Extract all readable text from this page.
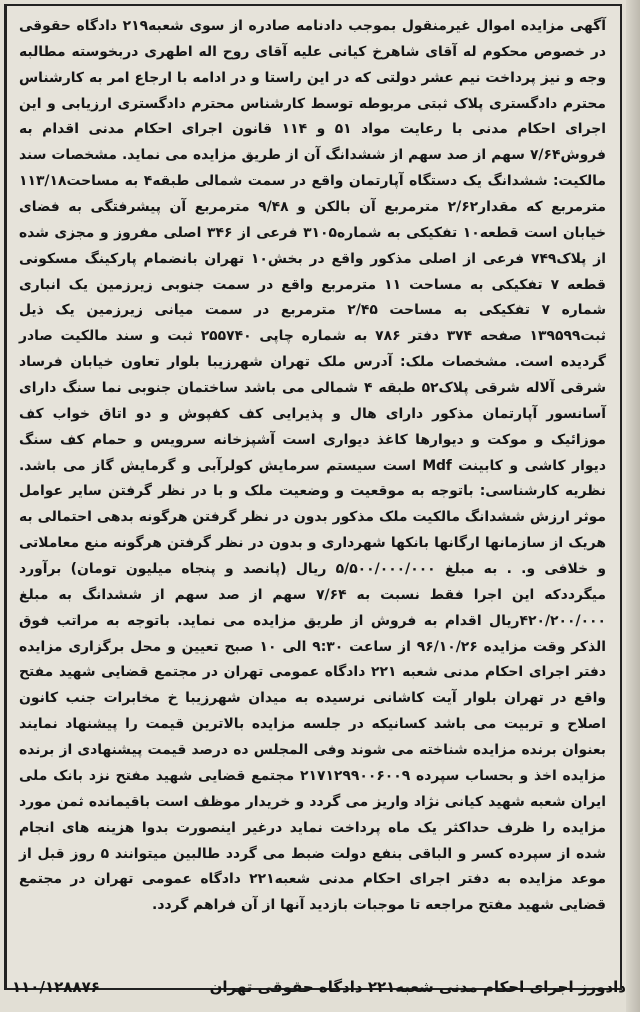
آگهی مزایده اموال غیرمنقول بموجب دادنامه صادره از سوی شعبه۲۱۹ دادگاه حقوقی در خصوص محکوم له آقای شاهرخ کیانی علیه آقای روح اله اطهری دربخوسته مطالبه وجه و نیز پرداخت نیم عشر دولتی که در این راستا و در ادامه با ارجاع امر به کارشناس محترم دادگستری پلاک ثبتی مربوطه توسط کارشناس محترم دادگستری ارزیابی و این اجرای احکام مدنی با رعایت مواد ۵۱ و ۱۱۴ قانون اجرای احکام مدنی اقدام به فروش۷/۶۴ سهم از صد سهم از ششدانگ آن از طریق مزایده می نماید. مشخصات سند مالکیت: ششدانگ یک دستگاه آپارتمان واقع در سمت شمالی طبقه۴ به مساحت۱۱۳/۱۸ مترمربع که مقدار۲/۶۲ مترمربع آن بالکن و ۹/۴۸ مترمربع آن پیشرفتگی به فضای خیابان است قطعه۱۰ تفکیکی به شماره۳۱۰۵ فرعی از ۳۴۶ اصلی مفروز و مجزی شده از پلاک۷۴۹ فرعی از اصلی مذکور واقع در بخش۱۰ تهران بانضمام پارکینگ مسکونی قطعه ۷ تفکیکی به مساحت ۱۱ مترمربع واقع در سمت جنوبی زیرزمین یک انباری شماره ۷ تفکیکی به مساحت ۲/۴۵ مترمربع در سمت میانی زیرزمین یک ذیل ثبت۱۳۹۵۹۹ صفحه ۳۷۴ دفتر ۷۸۶ به شماره چاپی ۲۵۵۷۴۰ ثبت و سند مالکیت صادر گردیده است. مشخصات ملک: آدرس ملک تهران شهرزیبا بلوار تعاون خیابان فرساد شرقی آلاله شرقی پلاک۵۲ طبقه ۴ شمالی می باشد ساختمان جنوبی نما سنگ دارای آسانسور آپارتمان مذکور دارای هال و پذیرایی کف کفپوش و دو اتاق خواب کف موزائیک و موکت و دیوارها کاغذ دیواری است آشپزخانه سرویس و حمام کف سنگ دیوار کاشی و کابینت Mdf است سیستم سرمایش کولرآبی و گرمایش گاز می باشد. نظریه کارشناسی: باتوجه به موقعیت و وضعیت ملک و با در نظر گرفتن سایر عوامل موثر ارزش ششدانگ مالکیت ملک مذکور بدون در نظر گرفتن هرگونه بدهی احتمالی به هریک از سازمانها ارگانها بانکها شهرداری و بدون در نظر گرفتن هرگونه منع معاملاتی و خلافی و. . به مبلغ ۵/۵۰۰/۰۰۰/۰۰۰ ریال (پانصد و پنجاه میلیون تومان) برآورد میگرددکه این اجرا فقط نسبت به ۷/۶۴ سهم از صد سهم از ششدانگ به مبلغ ۴۲۰/۲۰۰/۰۰۰ریال اقدام به فروش از طریق مزایده می نماید. باتوجه به مراتب فوق الذکر وقت مزایده ۹۶/۱۰/۲۶ از ساعت ۹:۳۰ الی ۱۰ صبح تعیین و محل برگزاری مزایده دفتر اجرای احکام مدنی شعبه ۲۲۱ دادگاه عمومی تهران در مجتمع قضایی شهید مفتح واقع در تهران بلوار آیت کاشانی نرسیده به میدان شهرزیبا خ مخابرات جنب کانون اصلاح و تربیت می باشد کسانیکه در جلسه مزایده بالاترین قیمت را پیشنهاد نمایند بعنوان برنده مزایده شناخته می شوند وفی المجلس ده درصد قیمت پیشنهادی از برنده مزایده اخذ و بحساب سپرده ۲۱۷۱۲۹۹۰۰۶۰۰۹ مجتمع قضایی شهید مفتح نزد بانک ملی ایران شعبه شهید کیانی نژاد واریز می گردد و خریدار موظف است باقیمانده ثمن مورد مزایده را ظرف حداکثر یک ماه پرداخت نماید درغیر اینصورت بدوا هزینه های انجام شده از سپرده کسر و الباقی بنفع دولت ضبط می گردد طالبین میتوانند ۵ روز قبل از موعد مزایده به دفتر اجرای احکام مدنی شعبه۲۲۱ دادگاه عمومی تهران در مجتمع قضایی شهید مفتح مراجعه تا موجبات بازدید آنها از آن فراهم گردد.

دادورز اجرای احکام مدنی شعبه۲۲۱ دادگاه حقوقی تهران
۱۱۰/۱۲۸۸۷۶
